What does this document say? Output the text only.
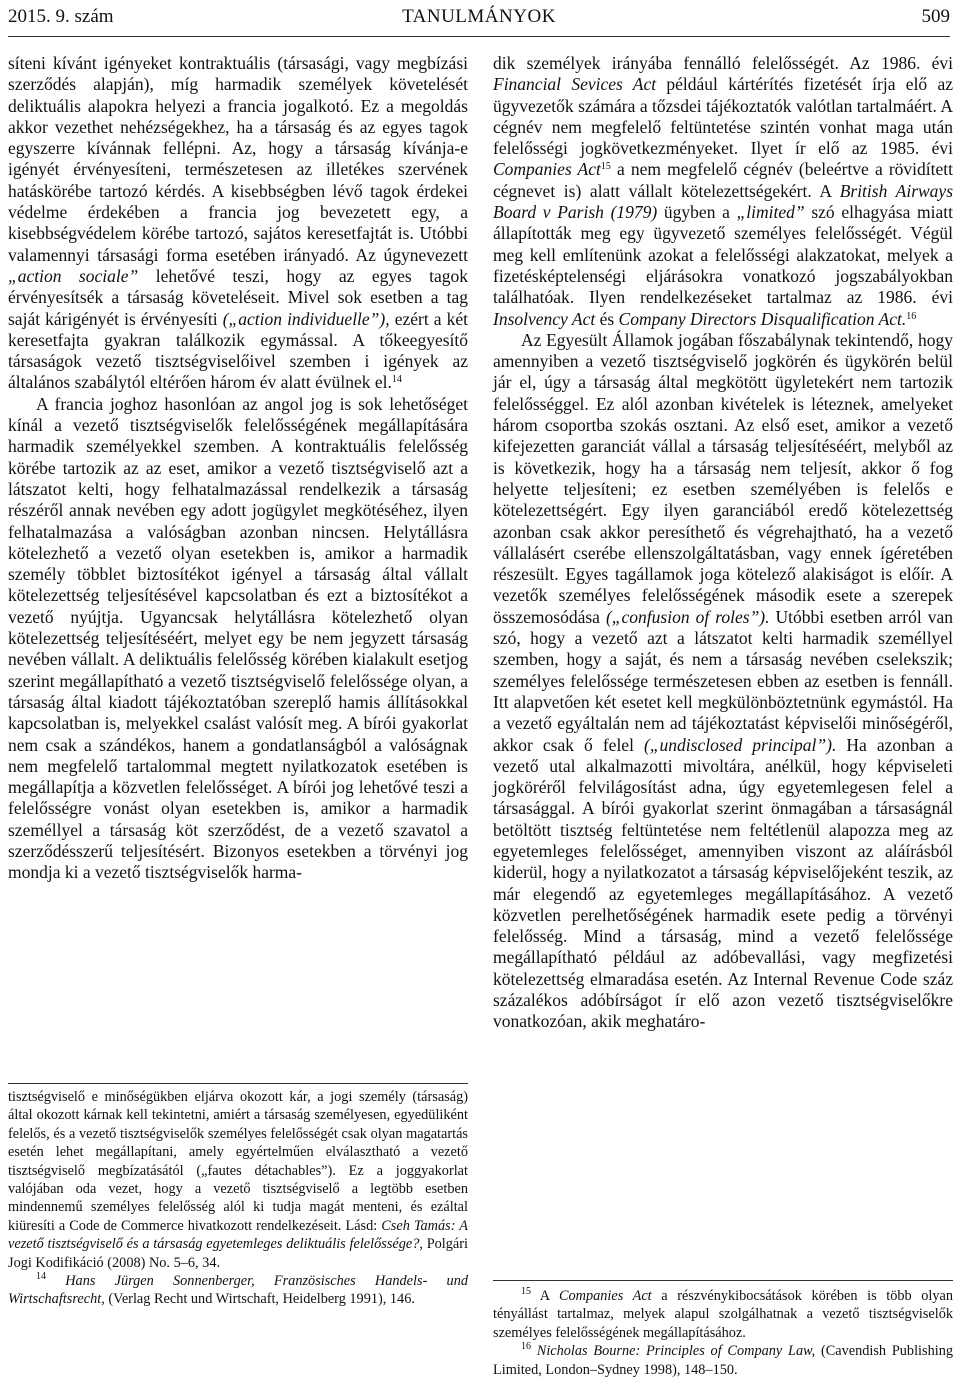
TANULMÁNYOK
2015. 9. szám	509

síteni kívánt igényeket kontraktuális (társasági, vagy megbízási szerződés alapján), míg harmadik személyek követelését deliktuális alapokra helyezi a francia jogalkotó. Ez a megoldás akkor vezethet nehézségekhez, ha a társaság és az egyes tagok egyszerre kívánnak fellépni. Az, hogy a társaság kívánja-e igényét érvényesíteni, természetesen az illetékes szervének hatáskörébe tartozó kérdés. A kisebbségben lévő tagok érdekei védelme érdekében a francia jog bevezetett egy, a kisebbségvédelem körébe tartozó, sajátos keresetfajtát is. Utóbbi valamennyi társasági forma esetében irányadó. Az úgynevezett „action sociale” lehetővé teszi, hogy az egyes tagok érvényesítsék a társaság követeléseit. Mivel sok esetben a tag saját kárigényét is érvényesíti („action individuelle”), ezért a két keresetfajta gyakran találkozik egymással. A tőkeegyesítő társaságok vezető tisztségviselőivel szemben i igények az általános szabálytól eltérően három év alatt évülnek el.$^{14}$

A francia joghoz hasonlóan az angol jog is sok lehetőséget kínál a vezető tisztségviselők felelősségének megállapítására harmadik személyekkel szemben. A kontraktuális felelősség körébe tartozik az az eset, amikor a vezető tisztségviselő azt a látszatot kelti, hogy felhatalmazással rendelkezik a társaság részéről annak nevében egy adott jogügylet megkötéséhez, ilyen felhatalmazása a valóságban azonban nincsen. Helytállásra kötelezhető a vezető olyan esetekben is, amikor a harmadik személy többlet biztosítékot igényel a társaság által vállalt kötelezettség teljesítésével kapcsolatban és ezt a biztosítékot a vezető nyújtja. Ugyancsak helytállásra kötelezhető olyan kötelezettség teljesítéséért, melyet egy be nem jegyzett társaság nevében vállalt. A deliktuális felelősség körében kialakult esetjog szerint megállapítható a vezető tisztségviselő felelőssége olyan, a társaság által kiadott tájékoztatóban szereplő hamis állításokkal kapcsolatban is, melyekkel csalást valósít meg. A bírói gyakorlat nem csak a szándékos, hanem a gondatlanságból a valóságnak nem megfelelő tartalommal megtett nyilatkozatok esetében is megállapítja a közvetlen felelősséget. A bírói jog lehetővé teszi a felelősségre vonást olyan esetekben is, amikor a harmadik személlyel a társaság köt szerződést, de a vezető szavatol a szerződésszerű teljesítésért. Bizonyos esetekben a törvényi jog mondja ki a vezető tisztségviselők harma-

tisztségviselő e minőségükben eljárva okozott kár, a jogi személy (társaság) által okozott kárnak kell tekintetni, amiért a társaság személyesen, egyedüliként felelős, és a vezető tisztségviselők személyes felelősségét csak olyan magatartás esetén lehet megállapítani, amely egyértelműen elválasztható a vezető tisztségviselő megbízatásától („fautes détachables”). Ez a joggyakorlat valójában oda vezet, hogy a vezető tisztségviselő a legtöbb esetben mindennemű személyes felelősség alól ki tudja magát menteni, és ezáltal kiüresíti a Code de Commerce hivatkozott rendelkezéseit. Lásd: Cseh Tamás: A vezető tisztségviselő és a társaság egyetemleges deliktuális felelőssége?, Polgári Jogi Kodifikáció (2008) No. 5–6, 34.

$^{14}$ Hans Jürgen Sonnenberger, Französisches Handels- und Wirtschaftsrecht, (Verlag Recht und Wirtschaft, Heidelberg 1991), 146.

dik személyek irányába fennálló felelősségét. Az 1986. évi Financial Sevices Act például kártérítés fizetését írja elő az ügyvezetők számára a tőzsdei tájékoztatók valótlan tartalmáért. A cégnév nem megfelelő feltüntetése szintén vonhat maga után felelősségi jogkövetkezményeket. Ilyet ír elő az 1985. évi Companies Act$^{15}$ a nem megfelelő cégnév (beleértve a rövidített cégnevet is) alatt vállalt kötelezettségekért. A British Airways Board v Parish (1979) ügyben a „limited” szó elhagyása miatt állapították meg egy ügyvezető személyes felelősségét. Végül meg kell említenünk azokat a felelősségi alakzatokat, melyek a fizetésképtelenségi eljárásokra vonatkozó jogszabályokban találhatóak. Ilyen rendelkezéseket tartalmaz az 1986. évi Insolvency Act és Company Directors Disqualification Act.$^{16}$

Az Egyesült Államok jogában főszabálynak tekintendő, hogy amennyiben a vezető tisztségviselő jogkörén és ügykörén belül jár el, úgy a társaság által megkötött ügyletekért nem tartozik felelősséggel. Ez alól azonban kivételek is léteznek, amelyeket három csoportba szokás osztani. Az első eset, amikor a vezető kifejezetten garanciát vállal a társaság teljesítéséért, melyből az is következik, hogy ha a társaság nem teljesít, akkor ő fog helyette teljesíteni; ez esetben személyében is felelős e kötelezettségért. Egy ilyen garanciából eredő kötelezettség azonban csak akkor peresíthető és végrehajtható, ha a vezető vállalásért cserébe ellenszolgáltatásban, vagy ennek ígéretében részesült. Egyes tagállamok joga kötelező alakiságot is előír. A vezetők személyes felelősségének második esete a szerepek összemosódása („confusion of roles”). Utóbbi esetben arról van szó, hogy a vezető azt a látszatot kelti harmadik személlyel szemben, hogy a saját, és nem a társaság nevében cselekszik; személyes felelőssége természetesen ebben az esetben is fennáll. Itt alapvetően két esetet kell megkülönböztetnünk egymástól. Ha a vezető egyáltalán nem ad tájékoztatást képviselői minőségéről, akkor csak ő felel („undisclosed principal”). Ha azonban a vezető utal alkalmazotti mivoltára, anélkül, hogy képviseleti jogköréről felvilágosítást adna, úgy egyetemlegesen felel a társasággal. A bírói gyakorlat szerint önmagában a társaságnál betöltött tisztség feltüntetése nem feltétlenül alapozza meg az egyetemleges felelősséget, amennyiben viszont az aláírásból kiderül, hogy a nyilatkozatot a társaság képviselőjeként teszik, az már elegendő az egyetemleges megállapításához. A vezető közvetlen perelhetőségének harmadik esete pedig a törvényi felelősség. Mind a társaság, mind a vezető felelőssége megállapítható például az adóbevallási, vagy megfizetési kötelezettség elmaradása esetén. Az Internal Revenue Code száz százalékos adóbírságot ír elő azon vezető tisztségviselőkre vonatkozóan, akik meghatáro-

$^{15}$ A Companies Act a részvénykibocsátások körében is több olyan tényállást tartalmaz, melyek alapul szolgálhatnak a vezető tisztségviselők személyes felelősségének megállapításához.

$^{16}$ Nicholas Bourne: Principles of Company Law, (Cavendish Publishing Limited, London–Sydney 1998), 148–150.
